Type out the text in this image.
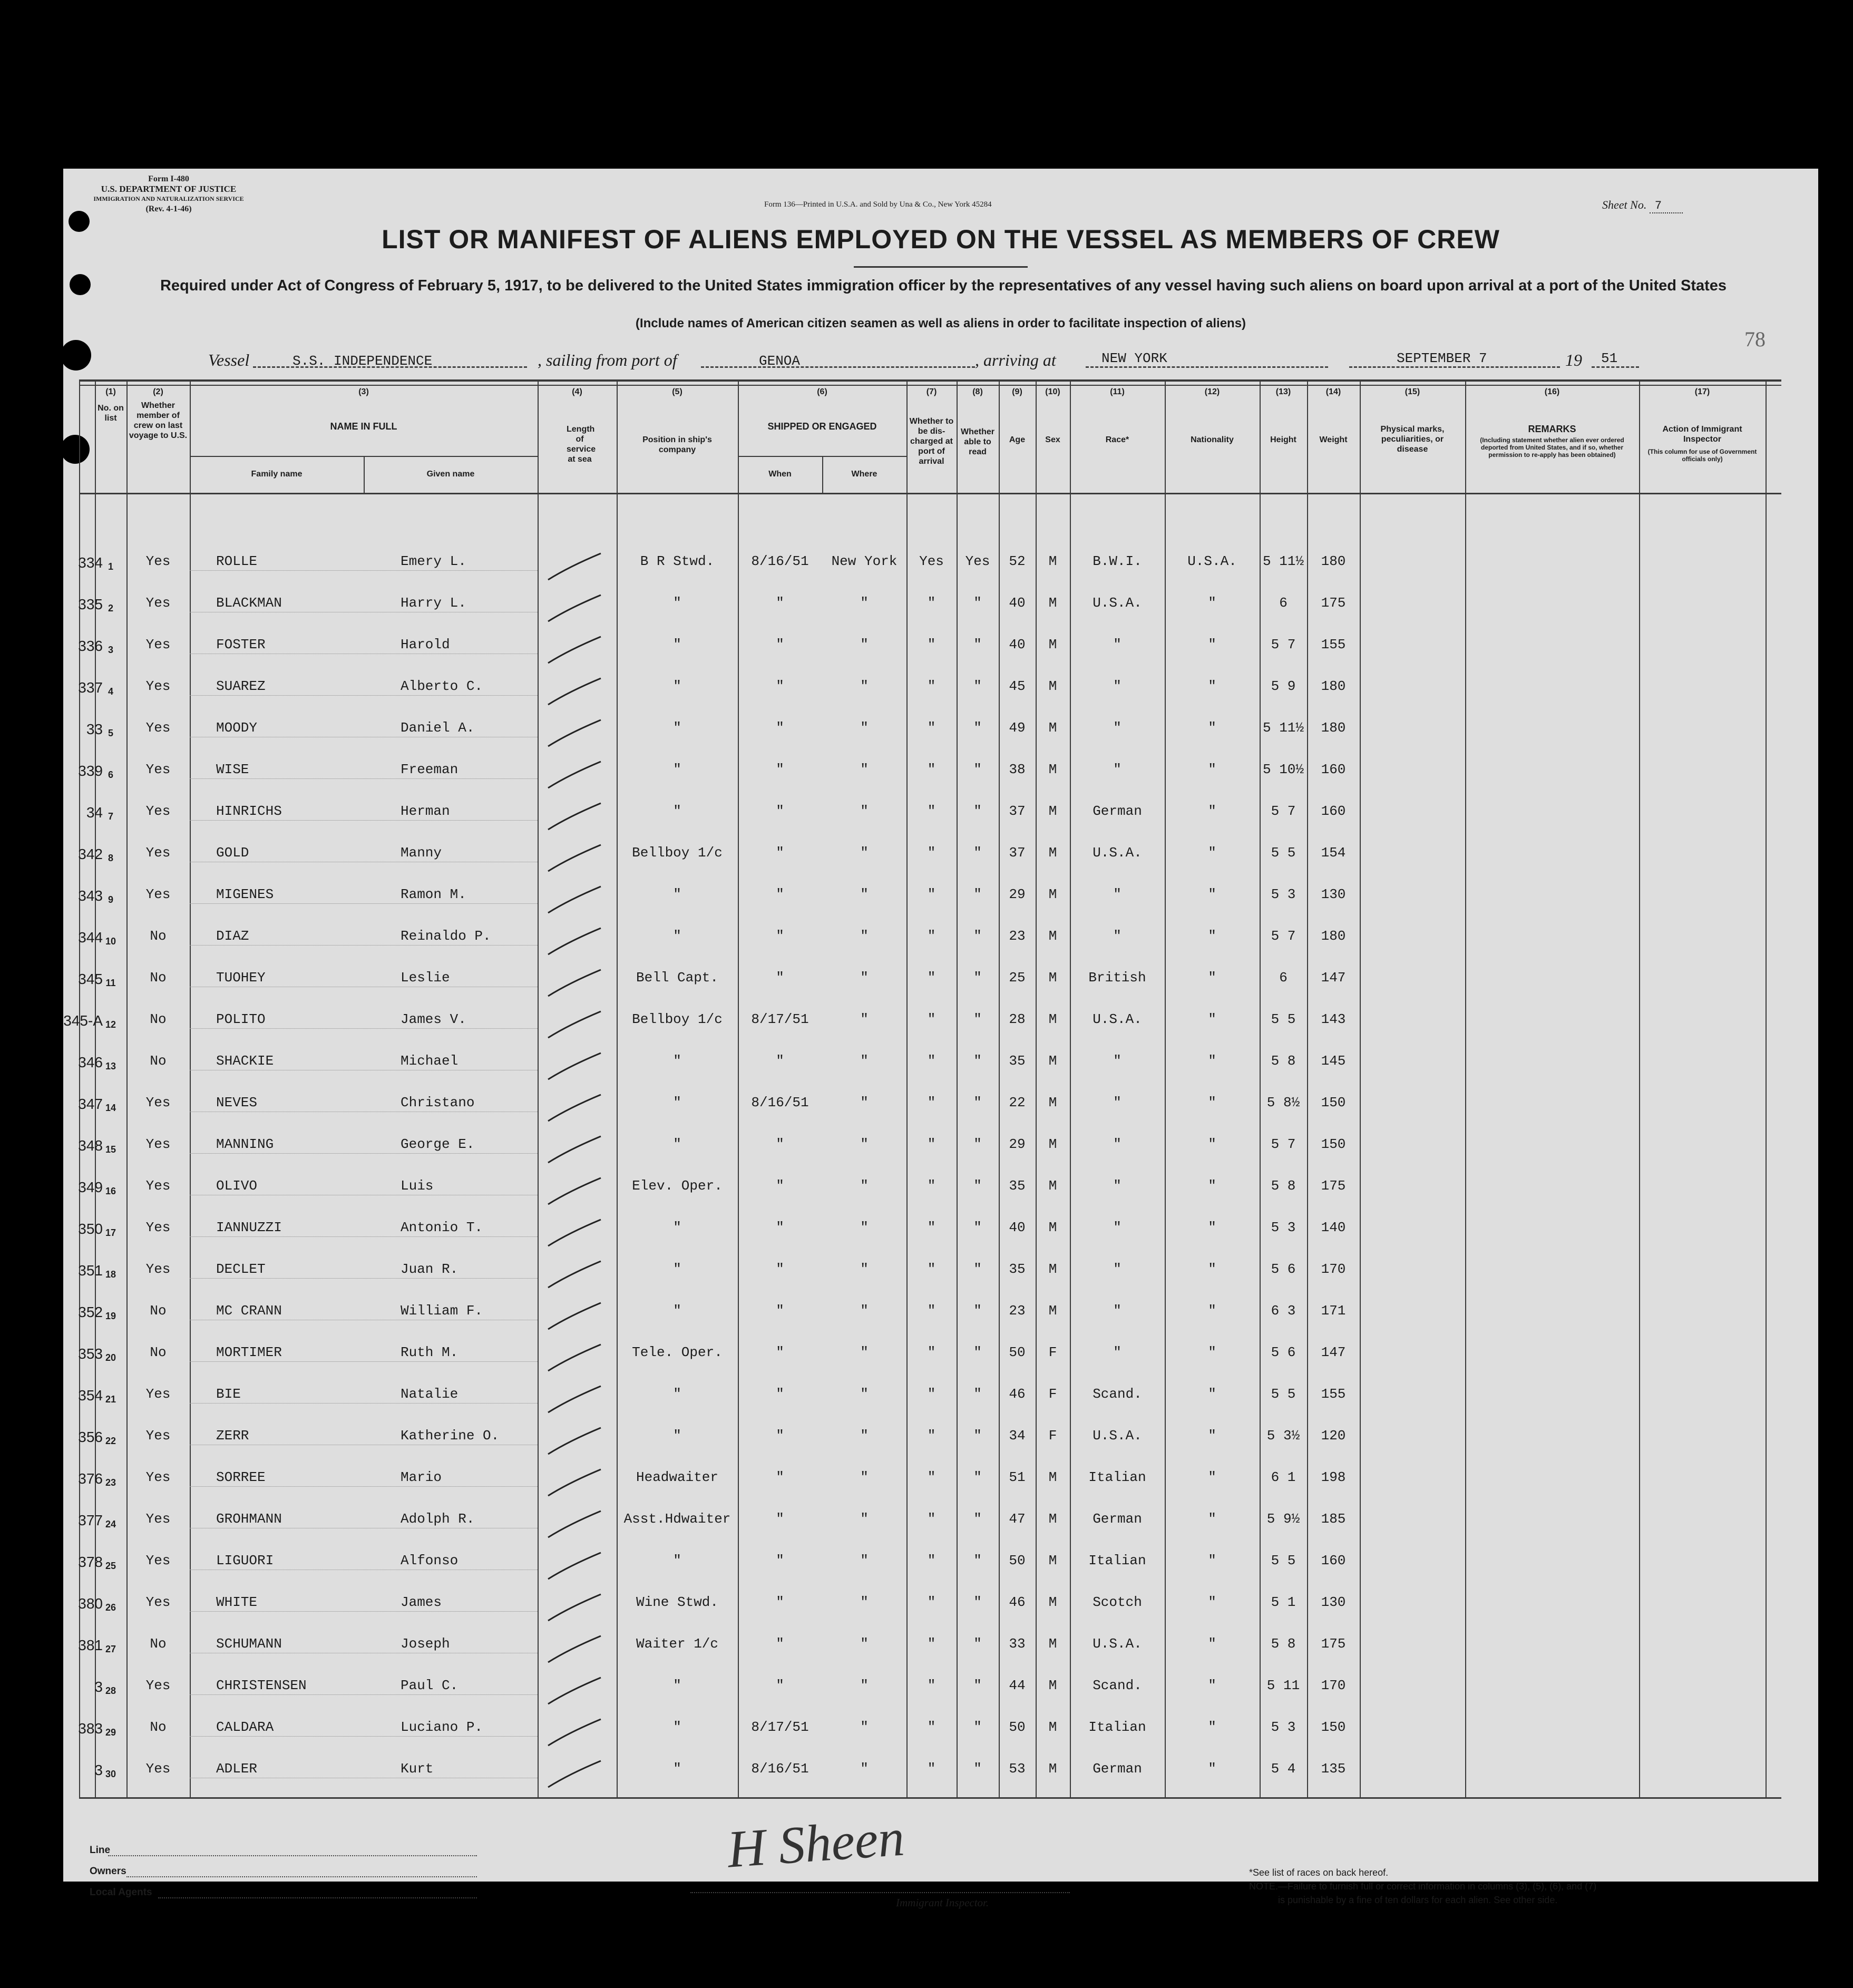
Form I-480
U.S. DEPARTMENT OF JUSTICE
IMMIGRATION AND NATURALIZATION SERVICE
(Rev. 4-1-46)	Form 136—Printed in U.S.A. and Sold by Una & Co., New York 45284	Sheet No. 7
LIST OR MANIFEST OF ALIENS EMPLOYED ON THE VESSEL AS MEMBERS OF CREW
Required under Act of Congress of February 5, 1917, to be delivered to the United States immigration officer by the representatives of any vessel having such aliens on board upon arrival at a port of the United States
(Include names of American citizen seamen as well as aliens in order to facilitate inspection of aliens)
78
Vessel	S.S. INDEPENDENCE	, sailing from port of	GENOA	, arriving at	NEW YORK	SEPTEMBER 7	19 51
(1)
No. on list
(2)
Whether member of crew on last voyage to U.S.
(3)
NAME IN FULL
Family name	Given name
(4)
Length of service at sea
(5)
Position in ship's company
(6)
SHIPPED OR ENGAGED
When	Where
(7)
Whether to be dis-charged at port of arrival
(8)
Whether able to read
(9)
Age
(10)
Sex
(11)
Race*
(12)
Nationality
(13)
Height
(14)
Weight
(15)
Physical marks, peculiarities, or disease
(16)
REMARKS
(Including statement whether alien ever ordered deported from United States, and if so, whether permission to re-apply has been obtained)
(17)
Action of Immigrant Inspector
(This column for use of Government officials only)
334 1	Yes	ROLLE	Emery L.	B R Stwd.	8/16/51	New York	Yes	Yes	52	M	B.W.I.	U.S.A.	5 11½	180
335 2	Yes	BLACKMAN	Harry L.	"	"	"	"	"	40	M	U.S.A.	"	6	175
336 3	Yes	FOSTER	Harold	"	"	"	"	"	40	M	"	"	5 7	155
337 4	Yes	SUAREZ	Alberto C.	"	"	"	"	"	45	M	"	"	5 9	180
33 5	Yes	MOODY	Daniel A.	"	"	"	"	"	49	M	"	"	5 11½	180
339 6	Yes	WISE	Freeman	"	"	"	"	"	38	M	"	"	5 10½	160
34 7	Yes	HINRICHS	Herman	"	"	"	"	"	37	M	German	"	5 7	160
342 8	Yes	GOLD	Manny	Bellboy 1/c	"	"	"	"	37	M	U.S.A.	"	5 5	154
343 9	Yes	MIGENES	Ramon M.	"	"	"	"	"	29	M	"	"	5 3	130
344 10	No	DIAZ	Reinaldo P.	"	"	"	"	"	23	M	"	"	5 7	180
345 11	No	TUOHEY	Leslie	Bell Capt.	"	"	"	"	25	M	British	"	6	147
345-A 12	No	POLITO	James V.	Bellboy 1/c	8/17/51	"	"	"	28	M	U.S.A.	"	5 5	143
346 13	No	SHACKIE	Michael	"	"	"	"	"	35	M	"	"	5 8	145
347 14	Yes	NEVES	Christano	"	8/16/51	"	"	"	22	M	"	"	5 8½	150
348 15	Yes	MANNING	George E.	"	"	"	"	"	29	M	"	"	5 7	150
349 16	Yes	OLIVO	Luis	Elev. Oper.	"	"	"	"	35	M	"	"	5 8	175
350 17	Yes	IANNUZZI	Antonio T.	"	"	"	"	"	40	M	"	"	5 3	140
351 18	Yes	DECLET	Juan R.	"	"	"	"	"	35	M	"	"	5 6	170
352 19	No	MC CRANN	William F.	"	"	"	"	"	23	M	"	"	6 3	171
353 20	No	MORTIMER	Ruth M.	Tele. Oper.	"	"	"	"	50	F	"	"	5 6	147
354 21	Yes	BIE	Natalie	"	"	"	"	"	46	F	Scand.	"	5 5	155
356 22	Yes	ZERR	Katherine O.	"	"	"	"	"	34	F	U.S.A.	"	5 3½	120
376 23	Yes	SORREE	Mario	Headwaiter	"	"	"	"	51	M	Italian	"	6 1	198
377 24	Yes	GROHMANN	Adolph R.	Asst.Hdwaiter	"	"	"	"	47	M	German	"	5 9½	185
378 25	Yes	LIGUORI	Alfonso	"	"	"	"	"	50	M	Italian	"	5 5	160
380 26	Yes	WHITE	James	Wine Stwd.	"	"	"	"	46	M	Scotch	"	5 1	130
381 27	No	SCHUMANN	Joseph	Waiter 1/c	"	"	"	"	33	M	U.S.A.	"	5 8	175
3 28	Yes	CHRISTENSEN	Paul C.	"	"	"	"	"	44	M	Scand.	"	5 11	170
383 29	No	CALDARA	Luciano P.	"	8/17/51	"	"	"	50	M	Italian	"	5 3	150
3 30	Yes	ADLER	Kurt	"	8/16/51	"	"	"	53	M	German	"	5 4	135
Line
Owners
Local Agents
H Sheen
Immigrant Inspector.
*See list of races on back hereof.
NOTE.—Failure to furnish full or correct information in columns (3), (5), (6), and (7)
is punishable by a fine of ten dollars for each alien. See other side.
